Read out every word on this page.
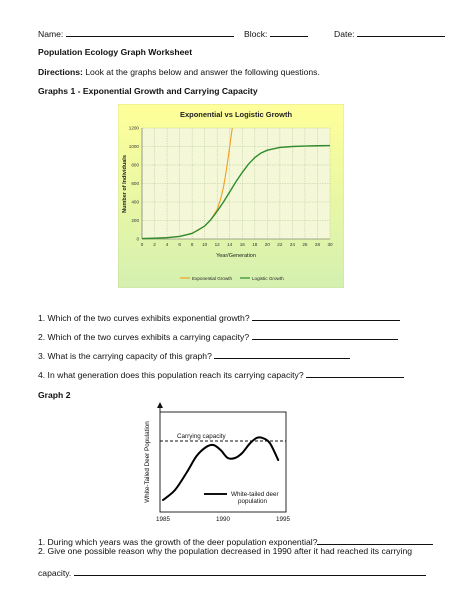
Name:	Block:	Date:
Population Ecology Graph Worksheet
Directions: Look at the graphs below and answer the following questions.
Graphs 1 - Exponential Growth and Carrying Capacity
0 2 4 6 8 10 12 14 16 18 20 22 24 26 28 30
0
200
400
600
800
1000
1200
Exponential vs Logistic Growth
Year/Generation
Number of Individuals
Exponential Growth	Logistic Growth
1. Which of the two curves exhibits exponential growth?
2. Which of the two curves exhibits a carrying capacity?
3. What is the carrying capacity of this graph?
4. In what generation does this population reach its carrying capacity?
Graph 2
Carrying capacity
1985	1990	1995
White-Tailed Deer Population	White-tailed deer
population
1. During which years was the growth of the deer population exponential?
2. Give one possible reason why the population decreased in 1990 after it had reached its carrying
capacity.
